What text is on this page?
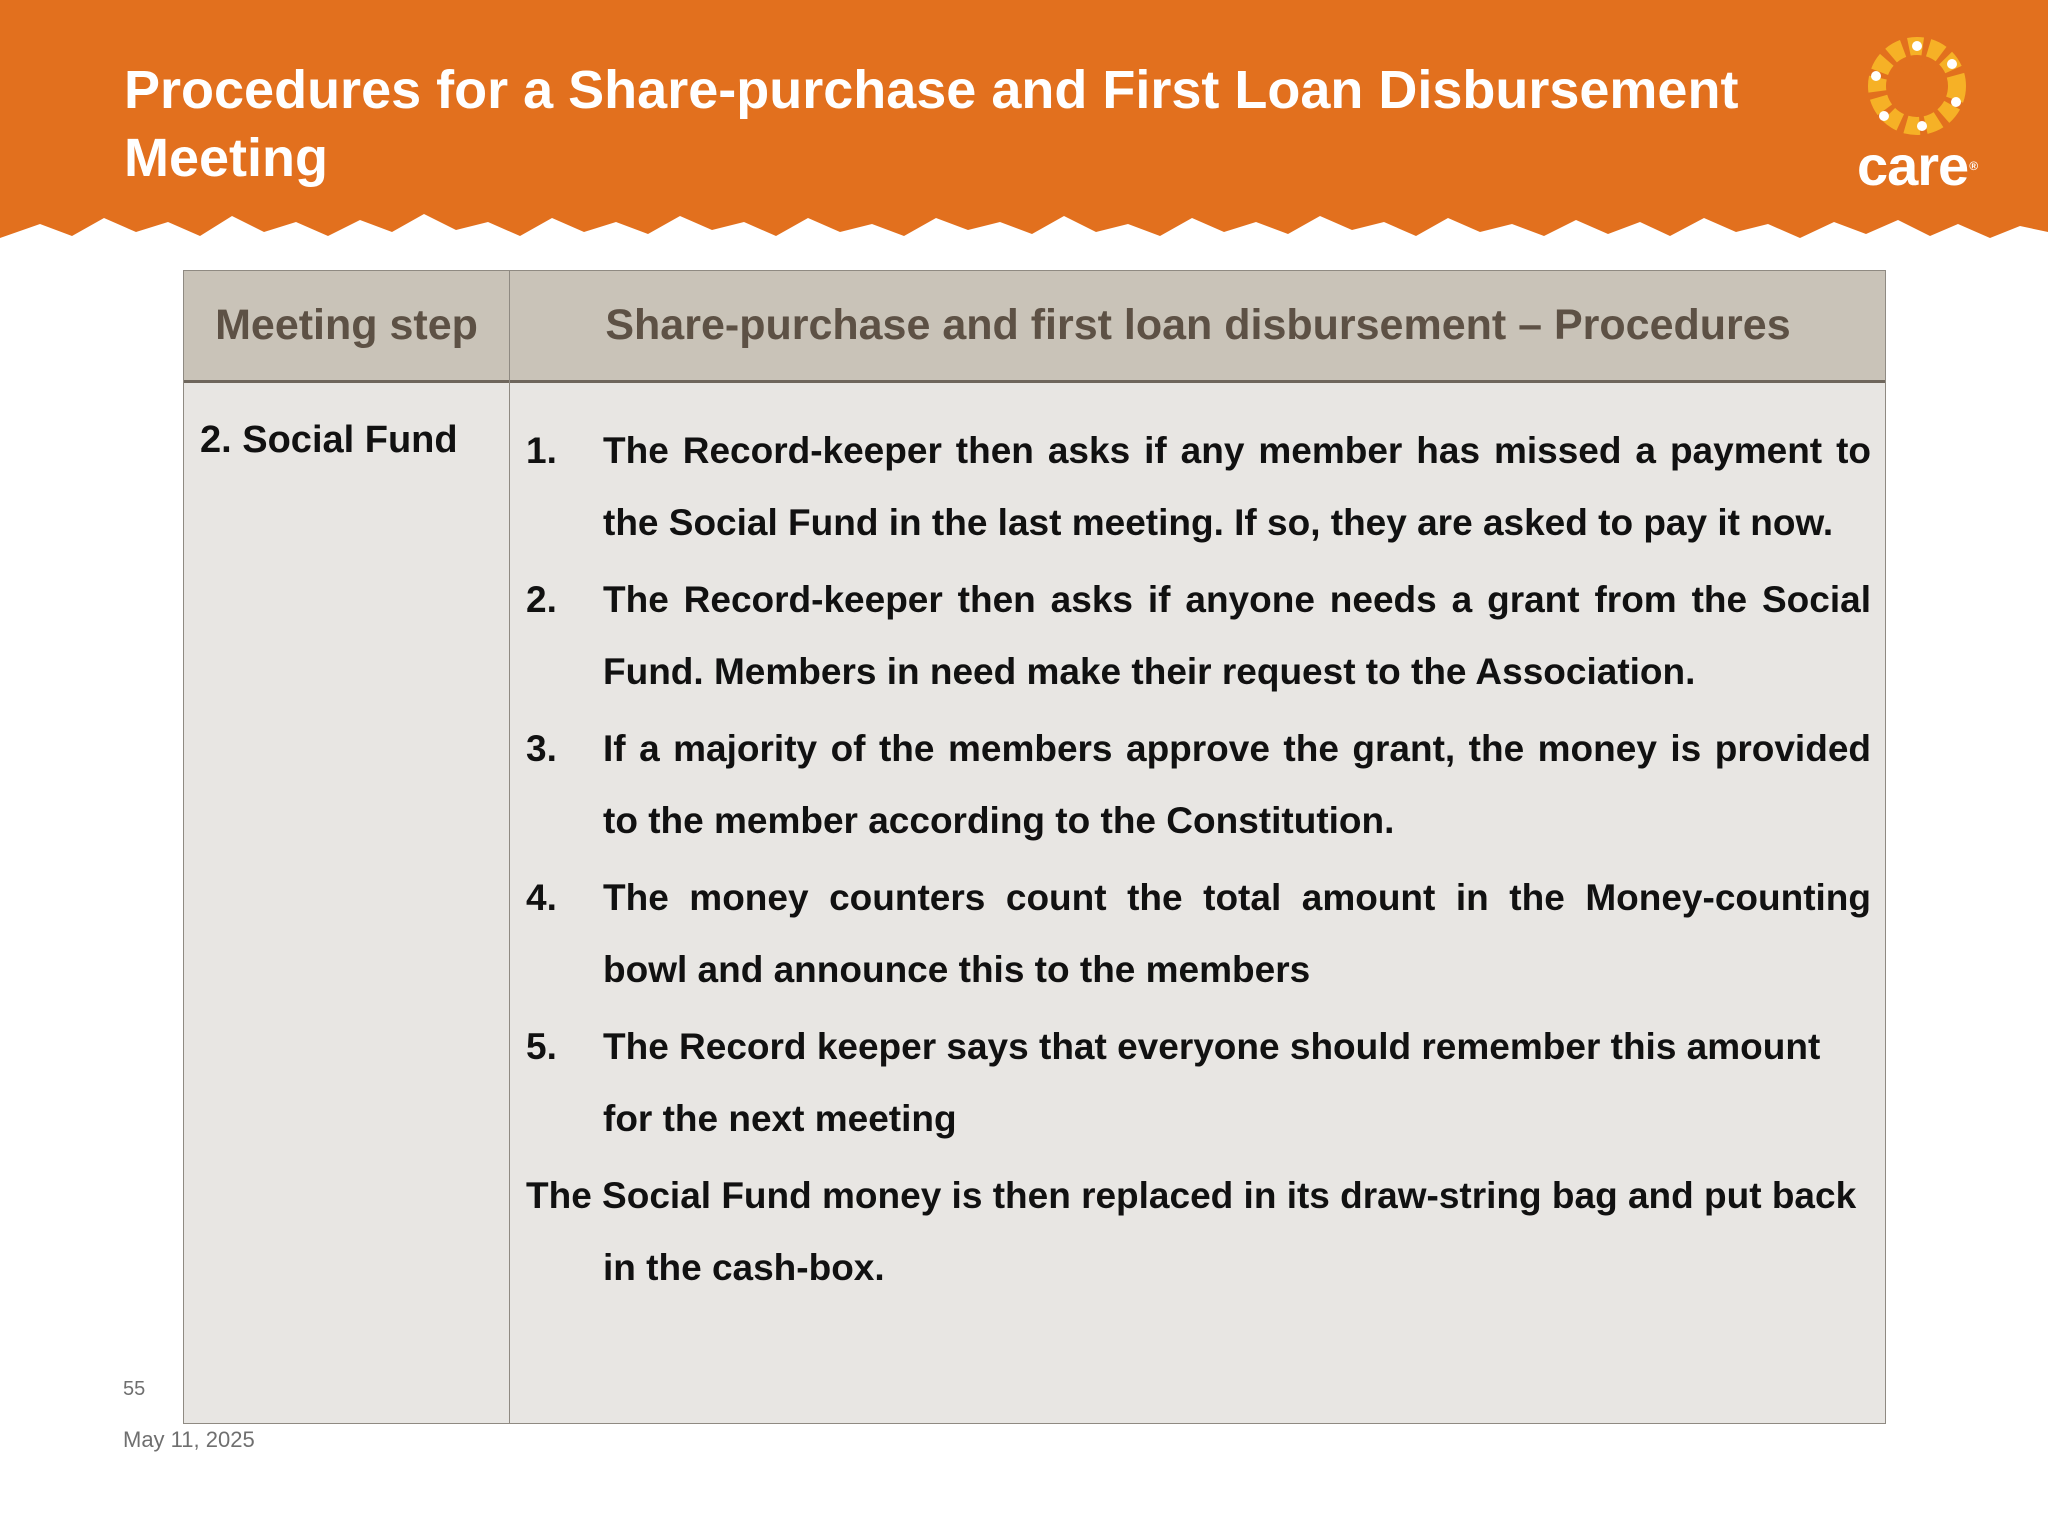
Procedures for a Share-purchase and First Loan Disbursement Meeting	care®
Meeting step	Share-purchase and first loan disbursement – Procedures
2. Social Fund	1. The Record-keeper then asks if any member has missed a payment to the Social Fund in the last meeting. If so, they are asked to pay it now.
2. The Record-keeper then asks if anyone needs a grant from the Social Fund. Members in need make their request to the Association.
3. If a majority of the members approve the grant, the money is provided to the member according to the Constitution.
4. The money counters count the total amount in the Money-counting bowl and announce this to the members
5. The Record keeper says that everyone should remember this amount for the next meeting
The Social Fund money is then replaced in its draw-string bag and put back in the cash-box.
55
May 11, 2025
